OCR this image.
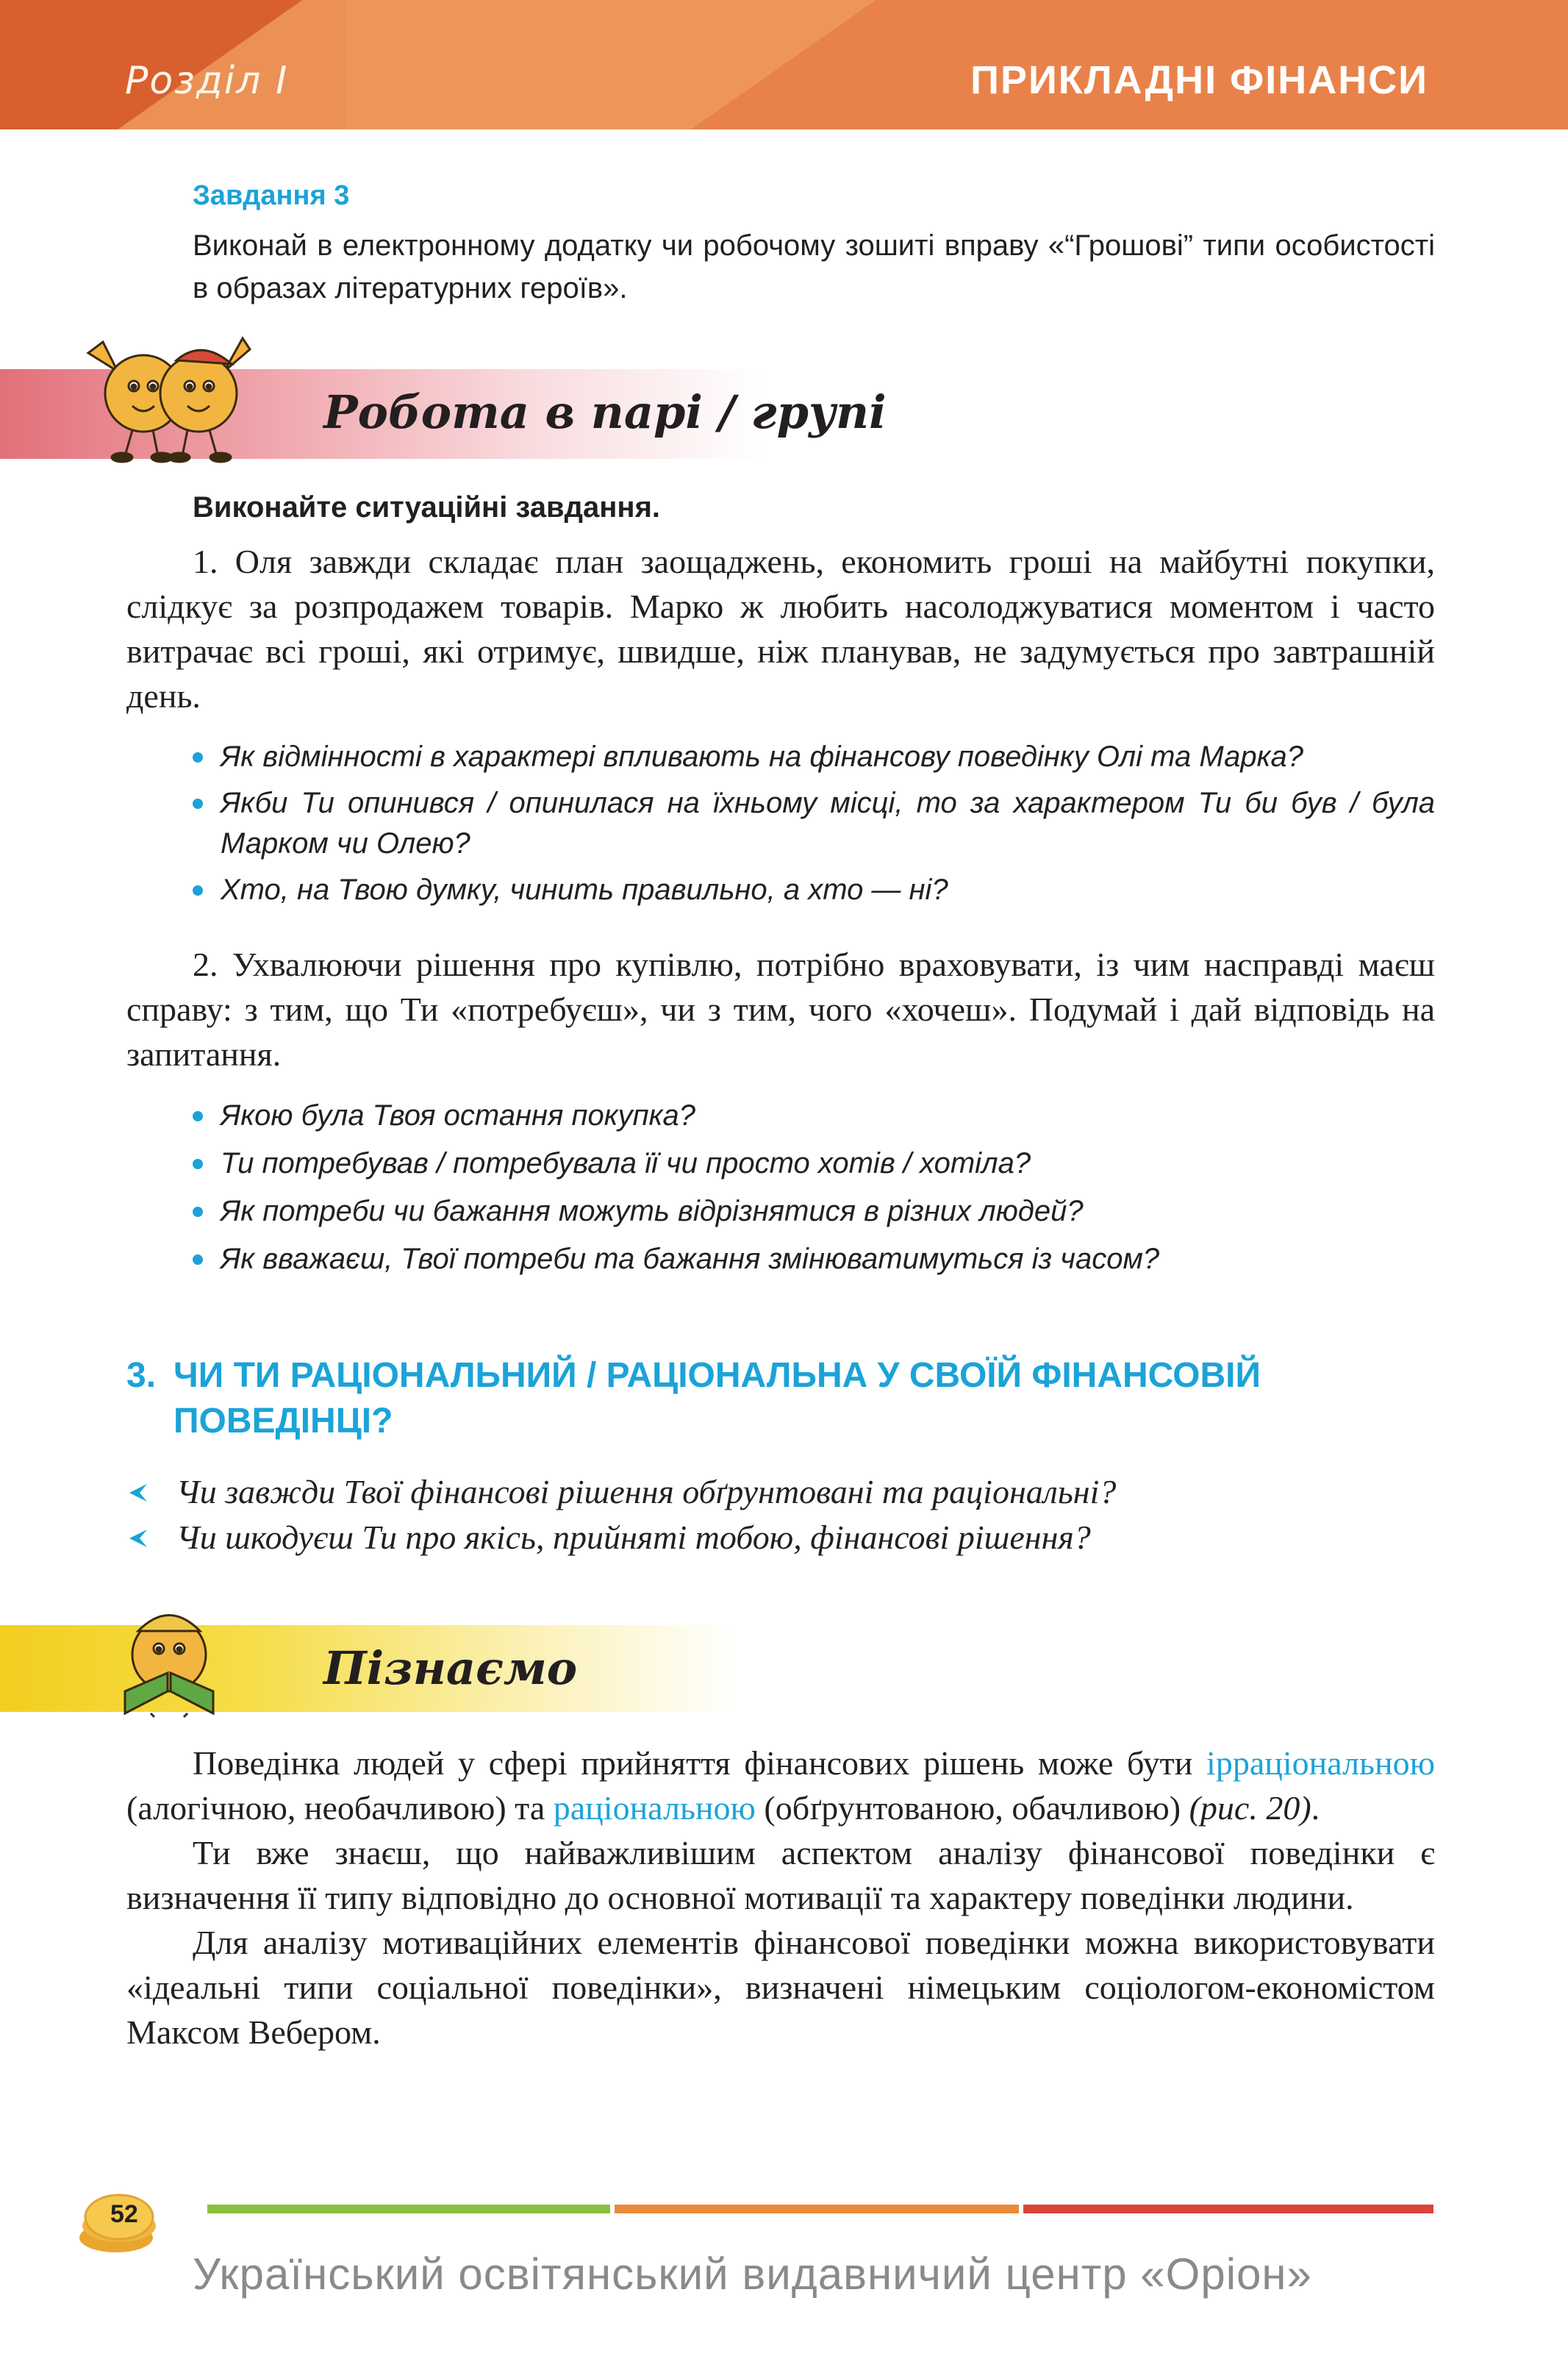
Розділ І	ПРИКЛАДНІ ФІНАНСИ
Завдання 3
Виконай в електронному додатку чи робочому зошиті вправу «“Грошові” типи особистості в образах літературних героїв».
Робота в парі / групі
Виконайте ситуаційні завдання.

1. Оля завжди складає план заощаджень, економить гроші на майбутні покупки, слідкує за розпродажем товарів. Марко ж любить насолоджуватися моментом і часто витрачає всі гроші, які отримує, швидше, ніж планував, не задумується про завтрашній день.

Як відмінності в характері впливають на фінансову поведінку Олі та Марка?
Якби Ти опинився / опинилася на їхньому місці, то за характером Ти би був / була Марком чи Олею?
Хто, на Твою думку, чинить правильно, а хто — ні?

2. Ухвалюючи рішення про купівлю, потрібно враховувати, із чим насправді маєш справу: з тим, що Ти «потребуєш», чи з тим, чого «хочеш». Подумай і дай відповідь на запитання.

Якою була Твоя остання покупка?
Ти потребував / потребувала її чи просто хотів / хотіла?
Як потреби чи бажання можуть відрізнятися в різних людей?
Як вважаєш, Твої потреби та бажання змінюватимуться із часом?
3. ЧИ ТИ РАЦІОНАЛЬНИЙ / РАЦІОНАЛЬНА У СВОЇЙ ФІНАНСОВІЙ
ПОВЕДІНЦІ?
Чи завжди Твої фінансові рішення обґрунтовані та раціональні?
Чи шкодуєш Ти про якісь, прийняті тобою, фінансові рішення?
Пізнаємо

Поведінка людей у сфері прийняття фінансових рішень може бути ірраціональною (алогічною, необачливою) та раціональною (обґрунтованою, обачливою) (рис. 20).

Ти вже знаєш, що найважливішим аспектом аналізу фінансової поведінки є визначення її типу відповідно до основної мотивації та характеру поведінки людини.

Для аналізу мотиваційних елементів фінансової поведінки можна використовувати «ідеальні типи соціальної поведінки», визначені німецьким соціологом-економістом Максом Вебером.

52
Український освітянський видавничий центр «Оріон»
